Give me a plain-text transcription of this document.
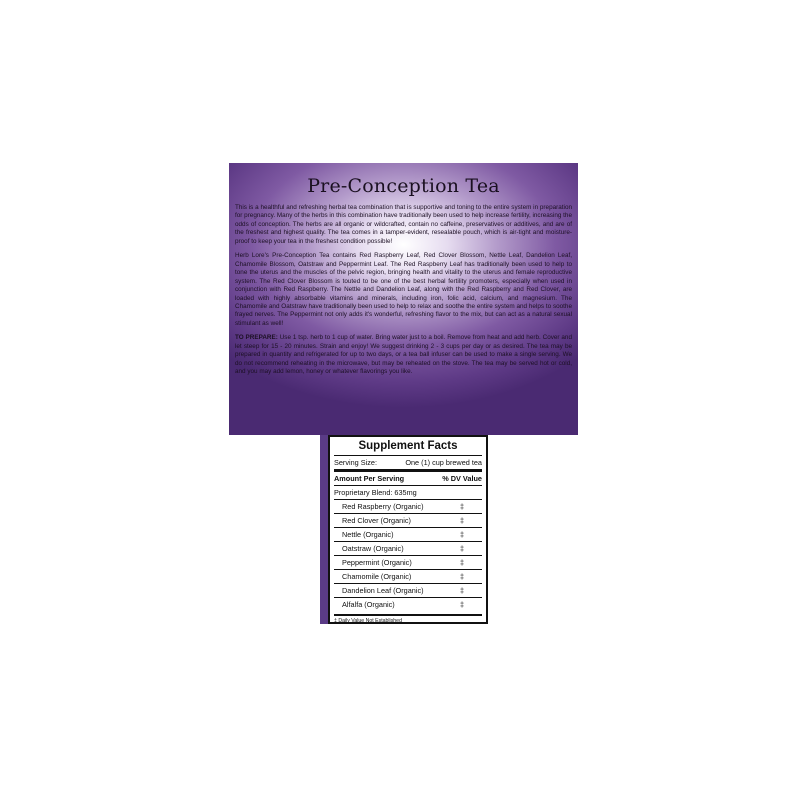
Pre-Conception Tea

This is a healthful and refreshing herbal tea combination that is supportive and toning to the entire system in preparation for pregnancy. Many of the herbs in this combination have traditionally been used to help increase fertility, increasing the odds of conception. The herbs are all organic or wildcrafted, contain no caffeine, preservatives or additives, and are of the freshest and highest quality. The tea comes in a tamper-evident, resealable pouch, which is air-tight and moisture-proof to keep your tea in the freshest condition possible!

Herb Lore's Pre-Conception Tea contains Red Raspberry Leaf, Red Clover Blossom, Nettle Leaf, Dandelion Leaf, Chamomile Blossom, Oatstraw and Peppermint Leaf. The Red Raspberry Leaf has traditionally been used to help to tone the uterus and the muscles of the pelvic region, bringing health and vitality to the uterus and female reproductive system. The Red Clover Blossom is touted to be one of the best herbal fertility promoters, especially when used in conjunction with Red Raspberry. The Nettle and Dandelion Leaf, along with the Red Raspberry and Red Clover, are loaded with highly absorbable vitamins and minerals, including iron, folic acid, calcium, and magnesium. The Chamomile and Oatstraw have traditionally been used to help to relax and soothe the entire system and helps to soothe frayed nerves. The Peppermint not only adds it's wonderful, refreshing flavor to the mix, but can act as a natural sexual stimulant as well!

TO PREPARE: Use 1 tsp. herb to 1 cup of water. Bring water just to a boil. Remove from heat and add herb. Cover and let steep for 15 - 20 minutes. Strain and enjoy! We suggest drinking 2 - 3 cups per day or as desired. The tea may be prepared in quantity and refrigerated for up to two days, or a tea ball infuser can be used to make a single serving. We do not recommend reheating in the microwave, but may be reheated on the stove. The tea may be served hot or cold, and you may add lemon, honey or whatever flavorings you like.

Supplement Facts
Serving Size:	One (1) cup brewed tea
Amount Per Serving	% DV Value
Proprietary Blend: 635mg
Red Raspberry (Organic)	‡
Red Clover (Organic)	‡
Nettle (Organic)	‡
Oatstraw (Organic)	‡
Peppermint (Organic)	‡
Chamomile (Organic)	‡
Dandelion Leaf (Organic)	‡
Alfalfa (Organic)	‡
‡ Daily Value Not Established
